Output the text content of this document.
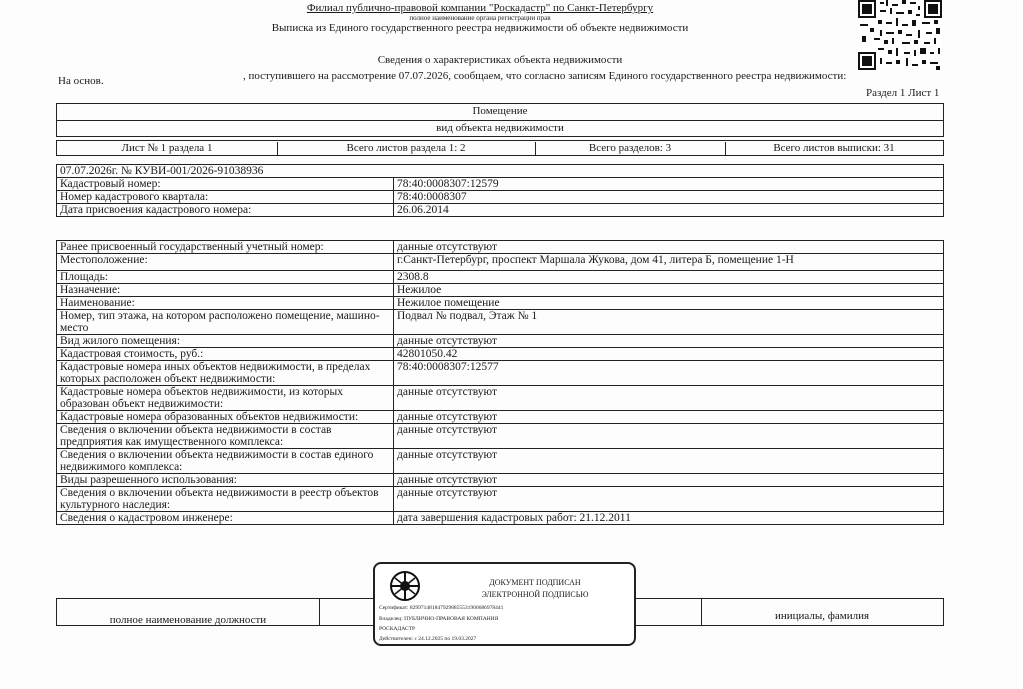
Филиал публично-правовой компании "Роскадастр" по Санкт-Петербургу
полное наименование органа регистрации прав
Выписка из Единого государственного реестра недвижимости об объекте недвижимости
Сведения о характеристиках объекта недвижимости
На основ.	, поступившего на рассмотрение 07.07.2026, сообщаем, что согласно записям Единого государственного реестра недвижимости:
Раздел 1 Лист 1
Помещение
вид объекта недвижимости
Лист № 1 раздела 1	Всего листов раздела 1: 2	Всего разделов: 3	Всего листов выписки: 31
07.07.2026г. № КУВИ-001/2026-91038936	
Кадастровый номер:	78:40:0008307:12579
Номер кадастрового квартала:	78:40:0008307
Дата присвоения кадастрового номера:	26.06.2014
Ранее присвоенный государственный учетный номер:	данные отсутствуют
Местоположение:	г.Санкт-Петербург, проспект Маршала Жукова, дом 41, литера Б, помещение 1-Н
Площадь:	2308.8
Назначение:	Нежилое
Наименование:	Нежилое помещение
Номер, тип этажа, на котором расположено помещение, машино-место	Подвал № подвал, Этаж № 1
Вид жилого помещения:	данные отсутствуют
Кадастровая стоимость, руб.:	42801050.42
Кадастровые номера иных объектов недвижимости, в пределах которых расположен объект недвижимости:	78:40:0008307:12577
Кадастровые номера объектов недвижимости, из которых образован объект недвижимости:	данные отсутствуют
Кадастровые номера образованных объектов недвижимости:	данные отсутствуют
Сведения о включении объекта недвижимости в состав предприятия как имущественного комплекса:	данные отсутствуют
Сведения о включении объекта недвижимости в состав единого недвижимого комплекса:	данные отсутствуют
Виды разрешенного использования:	данные отсутствуют
Сведения о включении объекта недвижимости в реестр объектов культурного наследия:	данные отсутствуют
Сведения о кадастровом инженере:	дата завершения кадастровых работ: 21.12.2011
полное наименование должности	инициалы, фамилия
ДОКУМЕНТ ПОДПИСАН
ЭЛЕКТРОННОЙ ПОДПИСЬЮ
Сертификат: 8299714818479298855531900686978441
Владелец: ПУБЛИЧНО-ПРАВОВАЯ КОМПАНИЯ
РОСКАДАСТР
Действителен: с 24.12.2025 по 19.03.2027
